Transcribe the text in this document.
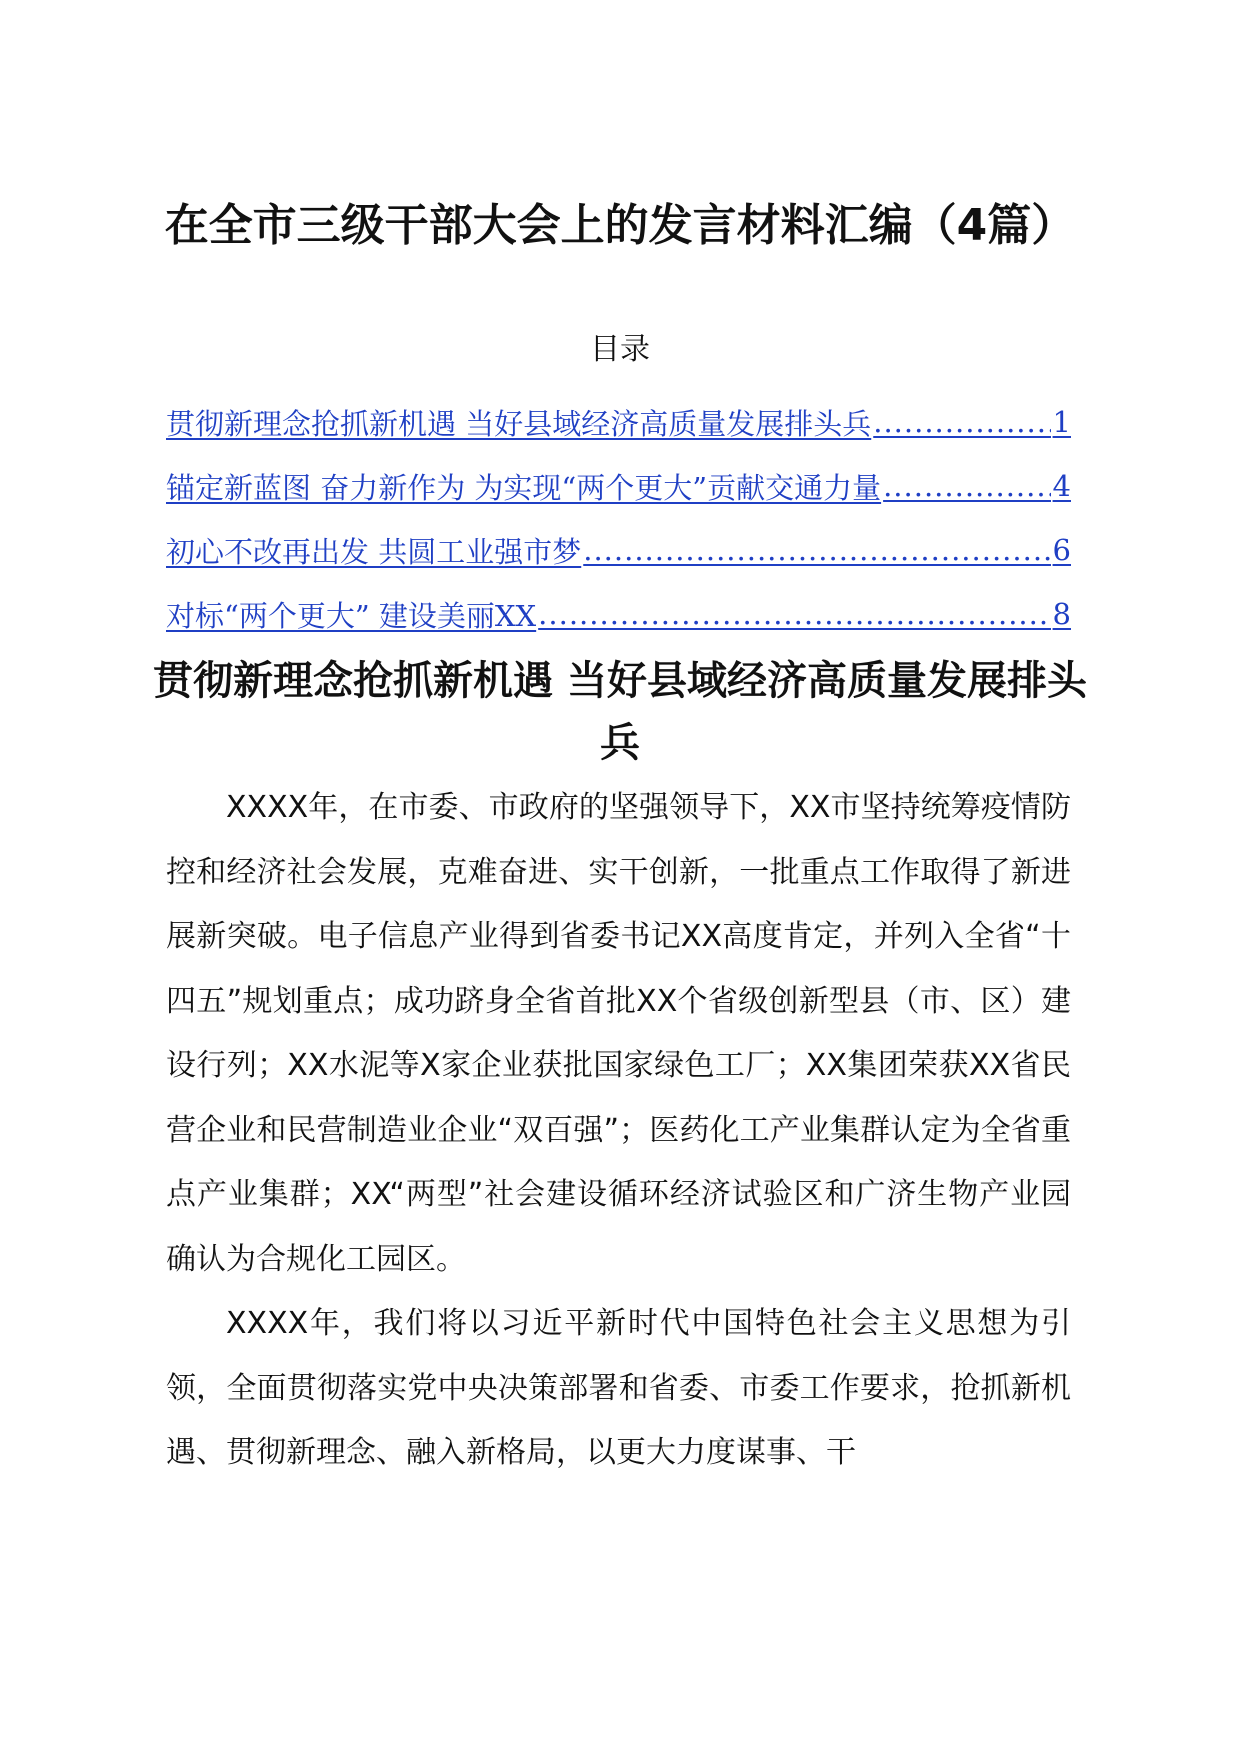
在全市三级干部大会上的发言材料汇编（4篇）
目录
贯彻新理念抢抓新机遇 当好县域经济高质量发展排头兵 .....	1
锚定新蓝图 奋力新作为 为实现“两个更大”贡献交通力量 .....	4
初心不改再出发 共圆工业强市梦 .....	6
对标“两个更大” 建设美丽XX .....	8
贯彻新理念抢抓新机遇 当好县域经济高质量发展排头兵

XXXX年，在市委、市政府的坚强领导下，XX市坚持统筹疫情防控和经济社会发展，克难奋进、实干创新，一批重点工作取得了新进展新突破。电子信息产业得到省委书记XX高度肯定，并列入全省“十四五”规划重点；成功跻身全省首批XX个省级创新型县（市、区）建设行列；XX水泥等X家企业获批国家绿色工厂；XX集团荣获XX省民营企业和民营制造业企业“双百强”；医药化工产业集群认定为全省重点产业集群；XX“两型”社会建设循环经济试验区和广济生物产业园确认为合规化工园区。

XXXX年，我们将以习近平新时代中国特色社会主义思想为引领，全面贯彻落实党中央决策部署和省委、市委工作要求，抢抓新机遇、贯彻新理念、融入新格局，以更大力度谋事、干
